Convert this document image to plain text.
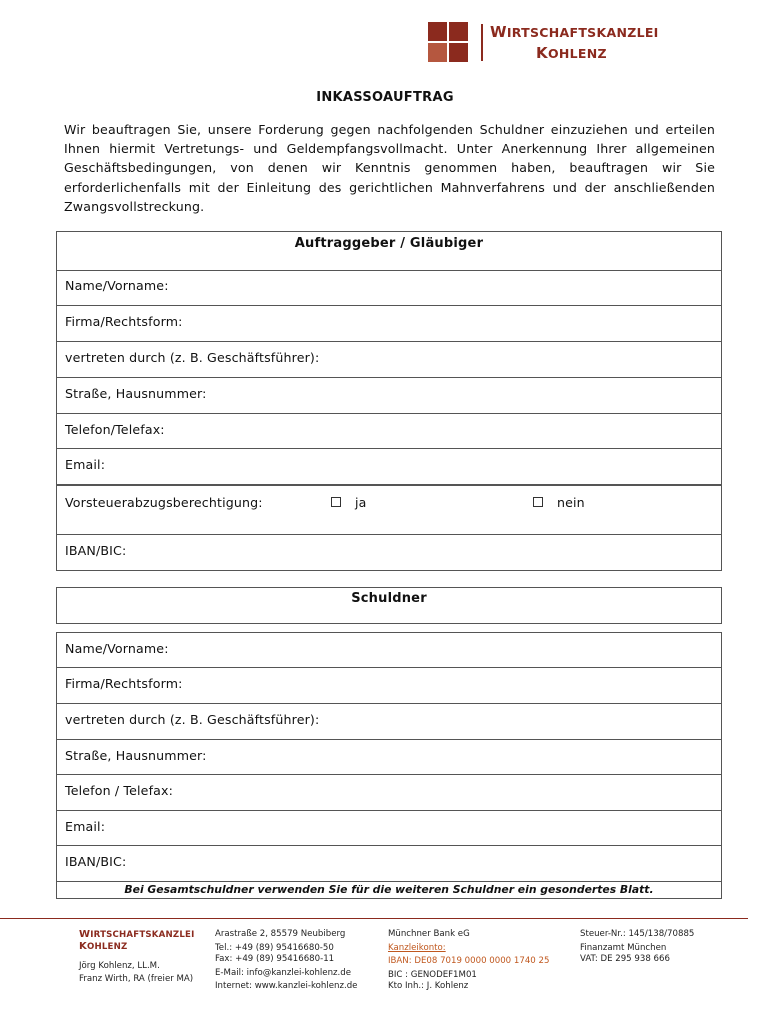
WIRTSCHAFTSKANZLEI
KOHLENZ
INKASSOAUFTRAG
Wir beauftragen Sie, unsere Forderung gegen nachfolgenden Schuldner einzuziehen und erteilen Ihnen hiermit Vertretungs- und Geldempfangsvollmacht. Unter Anerkennung Ihrer allgemeinen Geschäftsbedingungen, von denen wir Kenntnis genommen haben, beauftragen wir Sie erforderlichenfalls mit der Einleitung des gerichtlichen Mahnverfahrens und der anschließenden Zwangsvollstreckung.
Auftraggeber / Gläubiger
Name/Vorname:
Firma/Rechtsform:
vertreten durch (z. B. Geschäftsführer):
Straße, Hausnummer:
Telefon/Telefax:
Email:
Vorsteuerabzugsberechtigung:	ja	nein
IBAN/BIC:
Schuldner
Name/Vorname:
Firma/Rechtsform:
vertreten durch (z. B. Geschäftsführer):
Straße, Hausnummer:
Telefon / Telefax:
Email:
IBAN/BIC:
Bei Gesamtschuldner verwenden Sie für die weiteren Schuldner ein gesondertes Blatt.
WIRTSCHAFTSKANZLEI
KOHLENZ
Jörg Kohlenz, LL.M.
Franz Wirth, RA (freier MA)
Arastraße 2, 85579 Neubiberg
Tel.: +49 (89) 95416680-50
Fax: +49 (89) 95416680-11
E-Mail: info@kanzlei-kohlenz.de
Internet: www.kanzlei-kohlenz.de
Münchner Bank eG
Kanzleikonto:
IBAN: DE08 7019 0000 0000 1740 25
BIC : GENODEF1M01
Kto Inh.: J. Kohlenz
Steuer-Nr.: 145/138/70885
Finanzamt München
VAT: DE 295 938 666
